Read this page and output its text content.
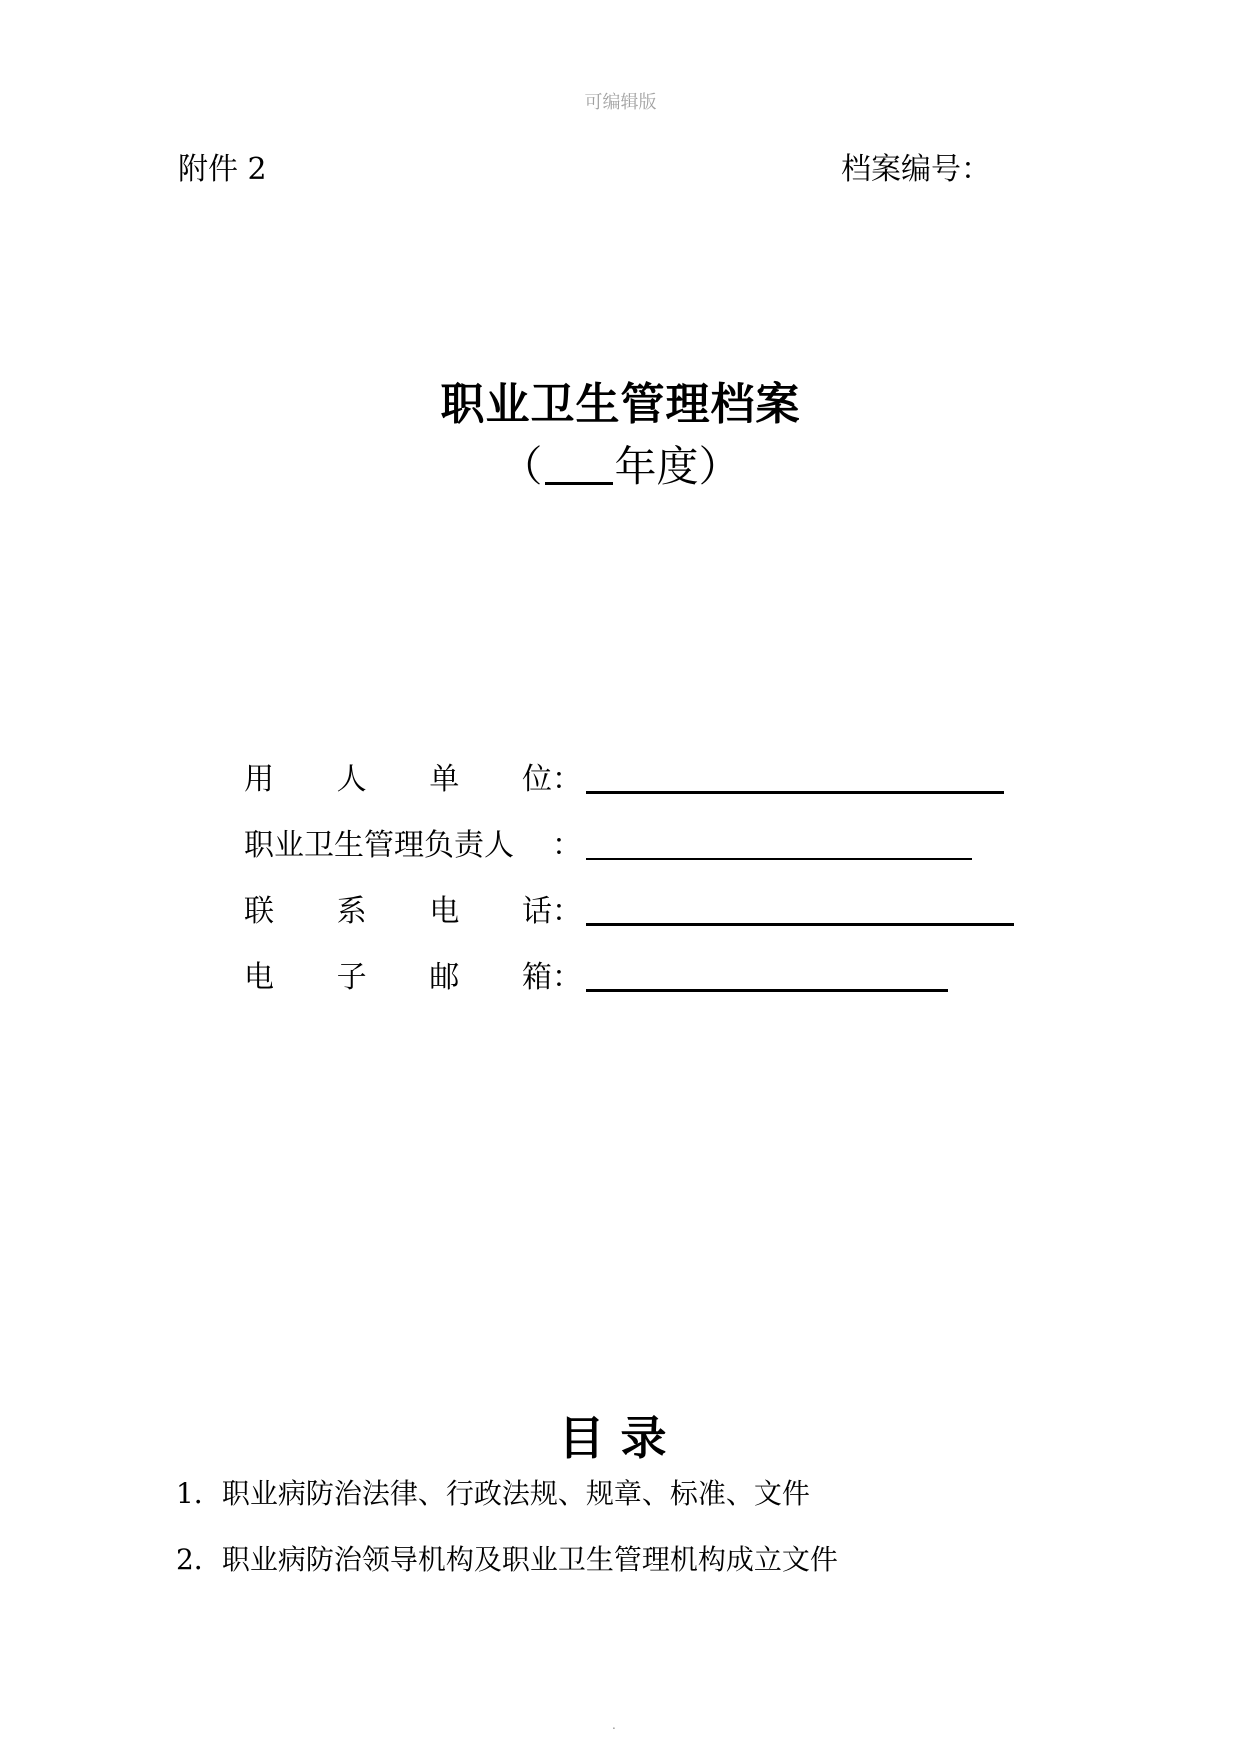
可编辑版
附件 2	档案编号：
职业卫生管理档案
（ 年度）
用 人 单 位 ：
职业卫生管理负责人	：
联 系 电 话 ：
电 子 邮 箱 ：
目录
1．职业病防治法律、行政法规、规章、标准、文件
2．职业病防治领导机构及职业卫生管理机构成立文件
.
